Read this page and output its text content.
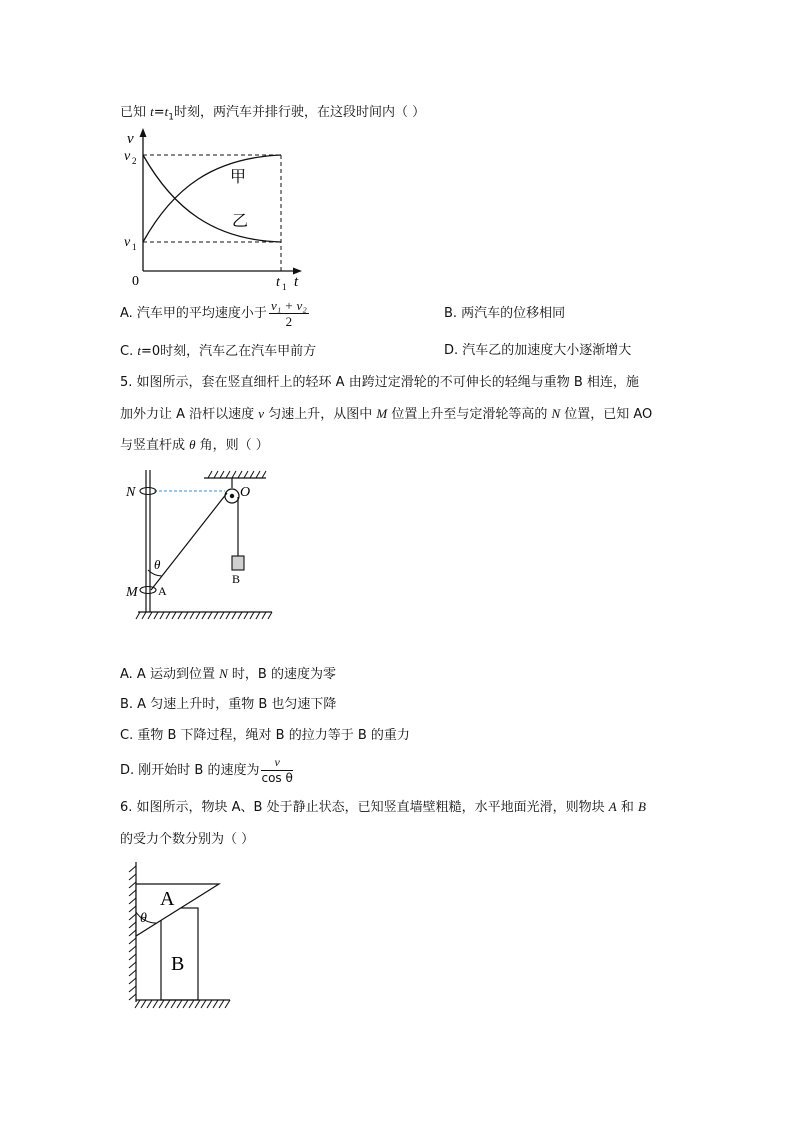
已知 $t=t_1$时刻，两汽车并排行驶，在这段时间内（ ）
v
t
0
v 2
v 1
t 1
甲
乙
A. 汽车甲的平均速度小于 $\frac{\text{v₁ + v₂}}{2}$	B. 两汽车的位移相同
C. t=0时刻，汽车乙在汽车甲前方	D. 汽车乙的加速度大小逐渐增大
5. 如图所示，套在竖直细杆上的轻环 A 由跨过定滑轮的不可伸长的轻绳与重物 B 相连，施
加外力让 A 沿杆以速度 v 匀速上升，从图中 M 位置上升至与定滑轮等高的 N 位置，已知 AO
与竖直杆成 θ 角，则（ ）
N	O
θ
B
M A
A. A 运动到位置 N 时，B 的速度为零
B. A 匀速上升时，重物 B 也匀速下降
C. 重物 B 下降过程，绳对 B 的拉力等于 B 的重力
D. 刚开始时 B 的速度为 $\frac{v}{\text{cos θ}}$
6. 如图所示，物块 A、B 处于静止状态，已知竖直墙壁粗糙，水平地面光滑，则物块 A 和 B
的受力个数分别为（ ）
A
B
θ
